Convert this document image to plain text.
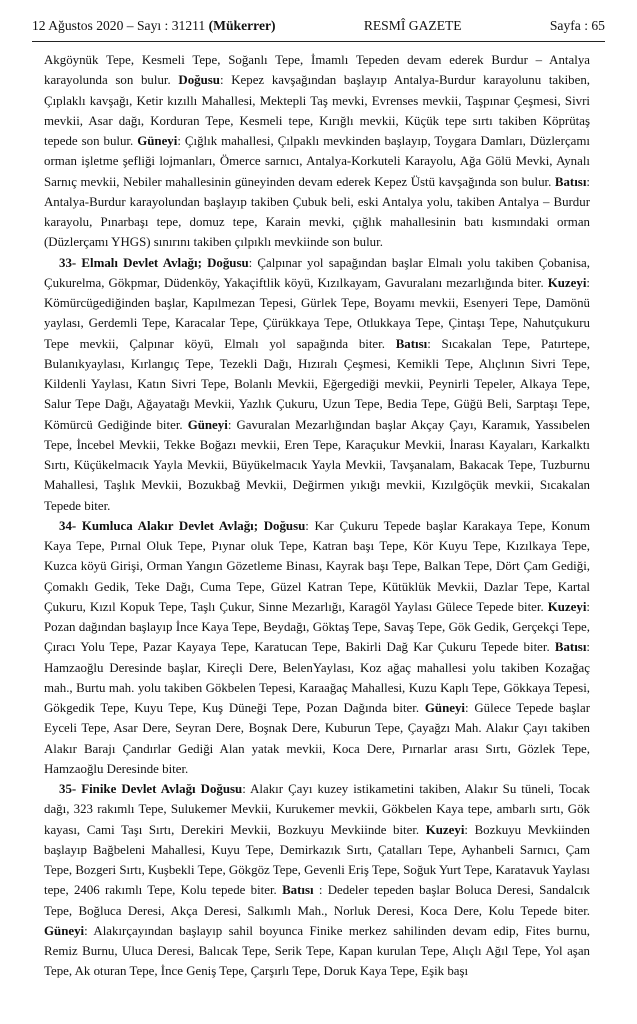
12 Ağustos 2020 – Sayı : 31211 (Mükerrer)	RESMÎ GAZETE	Sayfa : 65

Akgöynük Tepe, Kesmeli Tepe, Soğanlı Tepe, İmamlı Tepeden devam ederek Burdur – Antalya karayolunda son bulur. Doğusu: Kepez kavşağından başlayıp Antalya-Burdur karayolunu takiben, Çıplaklı kavşağı, Ketir kızıllı Mahallesi, Mektepli Taş mevki, Evrenses mevkii, Taşpınar Çeşmesi, Sivri mevkii, Asar dağı, Korduran Tepe, Kesmeli tepe, Kırığlı mevkii, Küçük tepe sırtı takiben Köprütaş tepede son bulur. Güneyi: Çığlık mahallesi, Çılpaklı mevkinden başlayıp, Toygara Damları, Düzlerçamı orman işletme şefliği lojmanları, Ömerce sarnıcı, Antalya-Korkuteli Karayolu, Ağa Gölü Mevki, Aynalı Sarnıç mevkii, Nebiler mahallesinin güneyinden devam ederek Kepez Üstü kavşağında son bulur. Batısı: Antalya-Burdur karayolundan başlayıp takiben Çubuk beli, eski Antalya yolu, takiben Antalya – Burdur karayolu, Pınarbaşı tepe, domuz tepe, Karain mevki, çığlık mahallesinin batı kısmındaki orman (Düzlerçamı YHGS) sınırını takiben çılpıklı mevkiinde son bulur.

33- Elmalı Devlet Avlağı; Doğusu: Çalpınar yol sapağından başlar Elmalı yolu takiben Çobanisa, Çukurelma, Gökpmar, Düdenköy, Yakaçiftlik köyü, Kızılkayam, Gavuralanı mezarlığında biter. Kuzeyi: Kömürcügediğinden başlar, Kapılmezan Tepesi, Gürlek Tepe, Boyamı mevkii, Esenyeri Tepe, Damönü yaylası, Gerdemli Tepe, Karacalar Tepe, Çürükkaya Tepe, Otlukkaya Tepe, Çintaşı Tepe, Nahutçukuru Tepe mevkii, Çalpınar köyü, Elmalı yol sapağında biter. Batısı: Sıcakalan Tepe, Patırtepe, Bulanıkyaylası, Kırlangıç Tepe, Tezekli Dağı, Hızıralı Çeşmesi, Kemikli Tepe, Alıçlının Sivri Tepe, Kildenli Yaylası, Katın Sivri Tepe, Bolanlı Mevkii, Eğergediği mevkii, Peynirli Tepeler, Alkaya Tepe, Salur Tepe Dağı, Ağayatağı Mevkii, Yazlık Çukuru, Uzun Tepe, Bedia Tepe, Güğü Beli, Sarptaşı Tepe, Kömürcü Gediğinde biter. Güneyi: Gavuralan Mezarlığından başlar Akçay Çayı, Karamık, Yassıbelen Tepe, İncebel Mevkii, Tekke Boğazı mevkii, Eren Tepe, Karaçukur Mevkii, İnarası Kayaları, Karkalktı Sırtı, Küçükelmacık Yayla Mevkii, Büyükelmacık Yayla Mevkii, Tavşanalam, Bakacak Tepe, Tuzburnu Mahallesi, Taşlık Mevkii, Bozukbağ Mevkii, Değirmen yıkığı mevkii, Kızılgöçük mevkii, Sıcakalan Tepede biter.

34- Kumluca Alakır Devlet Avlağı; Doğusu: Kar Çukuru Tepede başlar Karakaya Tepe, Konum Kaya Tepe, Pırnal Oluk Tepe, Pıynar oluk Tepe, Katran başı Tepe, Kör Kuyu Tepe, Kızılkaya Tepe, Kuzca köyü Girişi, Orman Yangın Gözetleme Binası, Kayrak başı Tepe, Balkan Tepe, Dört Çam Gediği, Çomaklı Gedik, Teke Dağı, Cuma Tepe, Güzel Katran Tepe, Kütüklük Mevkii, Dazlar Tepe, Kartal Çukuru, Kızıl Kopuk Tepe, Taşlı Çukur, Sinne Mezarlığı, Karagöl Yaylası Gülece Tepede biter. Kuzeyi: Pozan dağından başlayıp İnce Kaya Tepe, Beydağı, Göktaş Tepe, Savaş Tepe, Gök Gedik, Gerçekçi Tepe, Çıracı Yolu Tepe, Pazar Kayaya Tepe, Karatucan Tepe, Bakirli Dağ Kar Çukuru Tepede biter. Batısı: Hamzaoğlu Deresinde başlar, Kireçli Dere, BelenYaylası, Koz ağaç mahallesi yolu takiben Kozağaç mah., Burtu mah. yolu takiben Gökbelen Tepesi, Karaağaç Mahallesi, Kuzu Kaplı Tepe, Gökkaya Tepesi, Gökgedik Tepe, Kuyu Tepe, Kuş Düneği Tepe, Pozan Dağında biter. Güneyi: Gülece Tepede başlar Eyceli Tepe, Asar Dere, Seyran Dere, Boşnak Dere, Kuburun Tepe, Çayağzı Mah. Alakır Çayı takiben Alakır Barajı Çandırlar Gediği Alan yatak mevkii, Koca Dere, Pırnarlar arası Sırtı, Gözlek Tepe, Hamzaoğlu Deresinde biter.

35- Finike Devlet Avlağı Doğusu: Alakır Çayı kuzey istikametini takiben, Alakır Su tüneli, Tocak dağı, 323 rakımlı Tepe, Sulukemer Mevkii, Kurukemer mevkii, Gökbelen Kaya tepe, ambarlı sırtı, Gök kayası, Cami Taşı Sırtı, Derekiri Mevkii, Bozkuyu Mevkiinde biter. Kuzeyi: Bozkuyu Mevkiinden başlayıp Bağbeleni Mahallesi, Kuyu Tepe, Demirkazık Sırtı, Çatalları Tepe, Ayhanbeli Sarnıcı, Çam Tepe, Bozgeri Sırtı, Kuşbekli Tepe, Gökgöz Tepe, Gevenli Eriş Tepe, Soğuk Yurt Tepe, Karatavuk Yaylası tepe, 2406 rakımlı Tepe, Kolu tepede biter. Batısı : Dedeler tepeden başlar Boluca Deresi, Sandalcık Tepe, Boğluca Deresi, Akça Deresi, Salkımlı Mah., Norluk Deresi, Koca Dere, Kolu Tepede biter. Güneyi: Alakırçayından başlayıp sahil boyunca Finike merkez sahilinden devam edip, Fites burnu, Remiz Burnu, Uluca Deresi, Balıcak Tepe, Serik Tepe, Kapan kurulan Tepe, Alıçlı Ağıl Tepe, Yol aşan Tepe, Ak oturan Tepe, İnce Geniş Tepe, Çarşırlı Tepe, Doruk Kaya Tepe, Eşik başı
